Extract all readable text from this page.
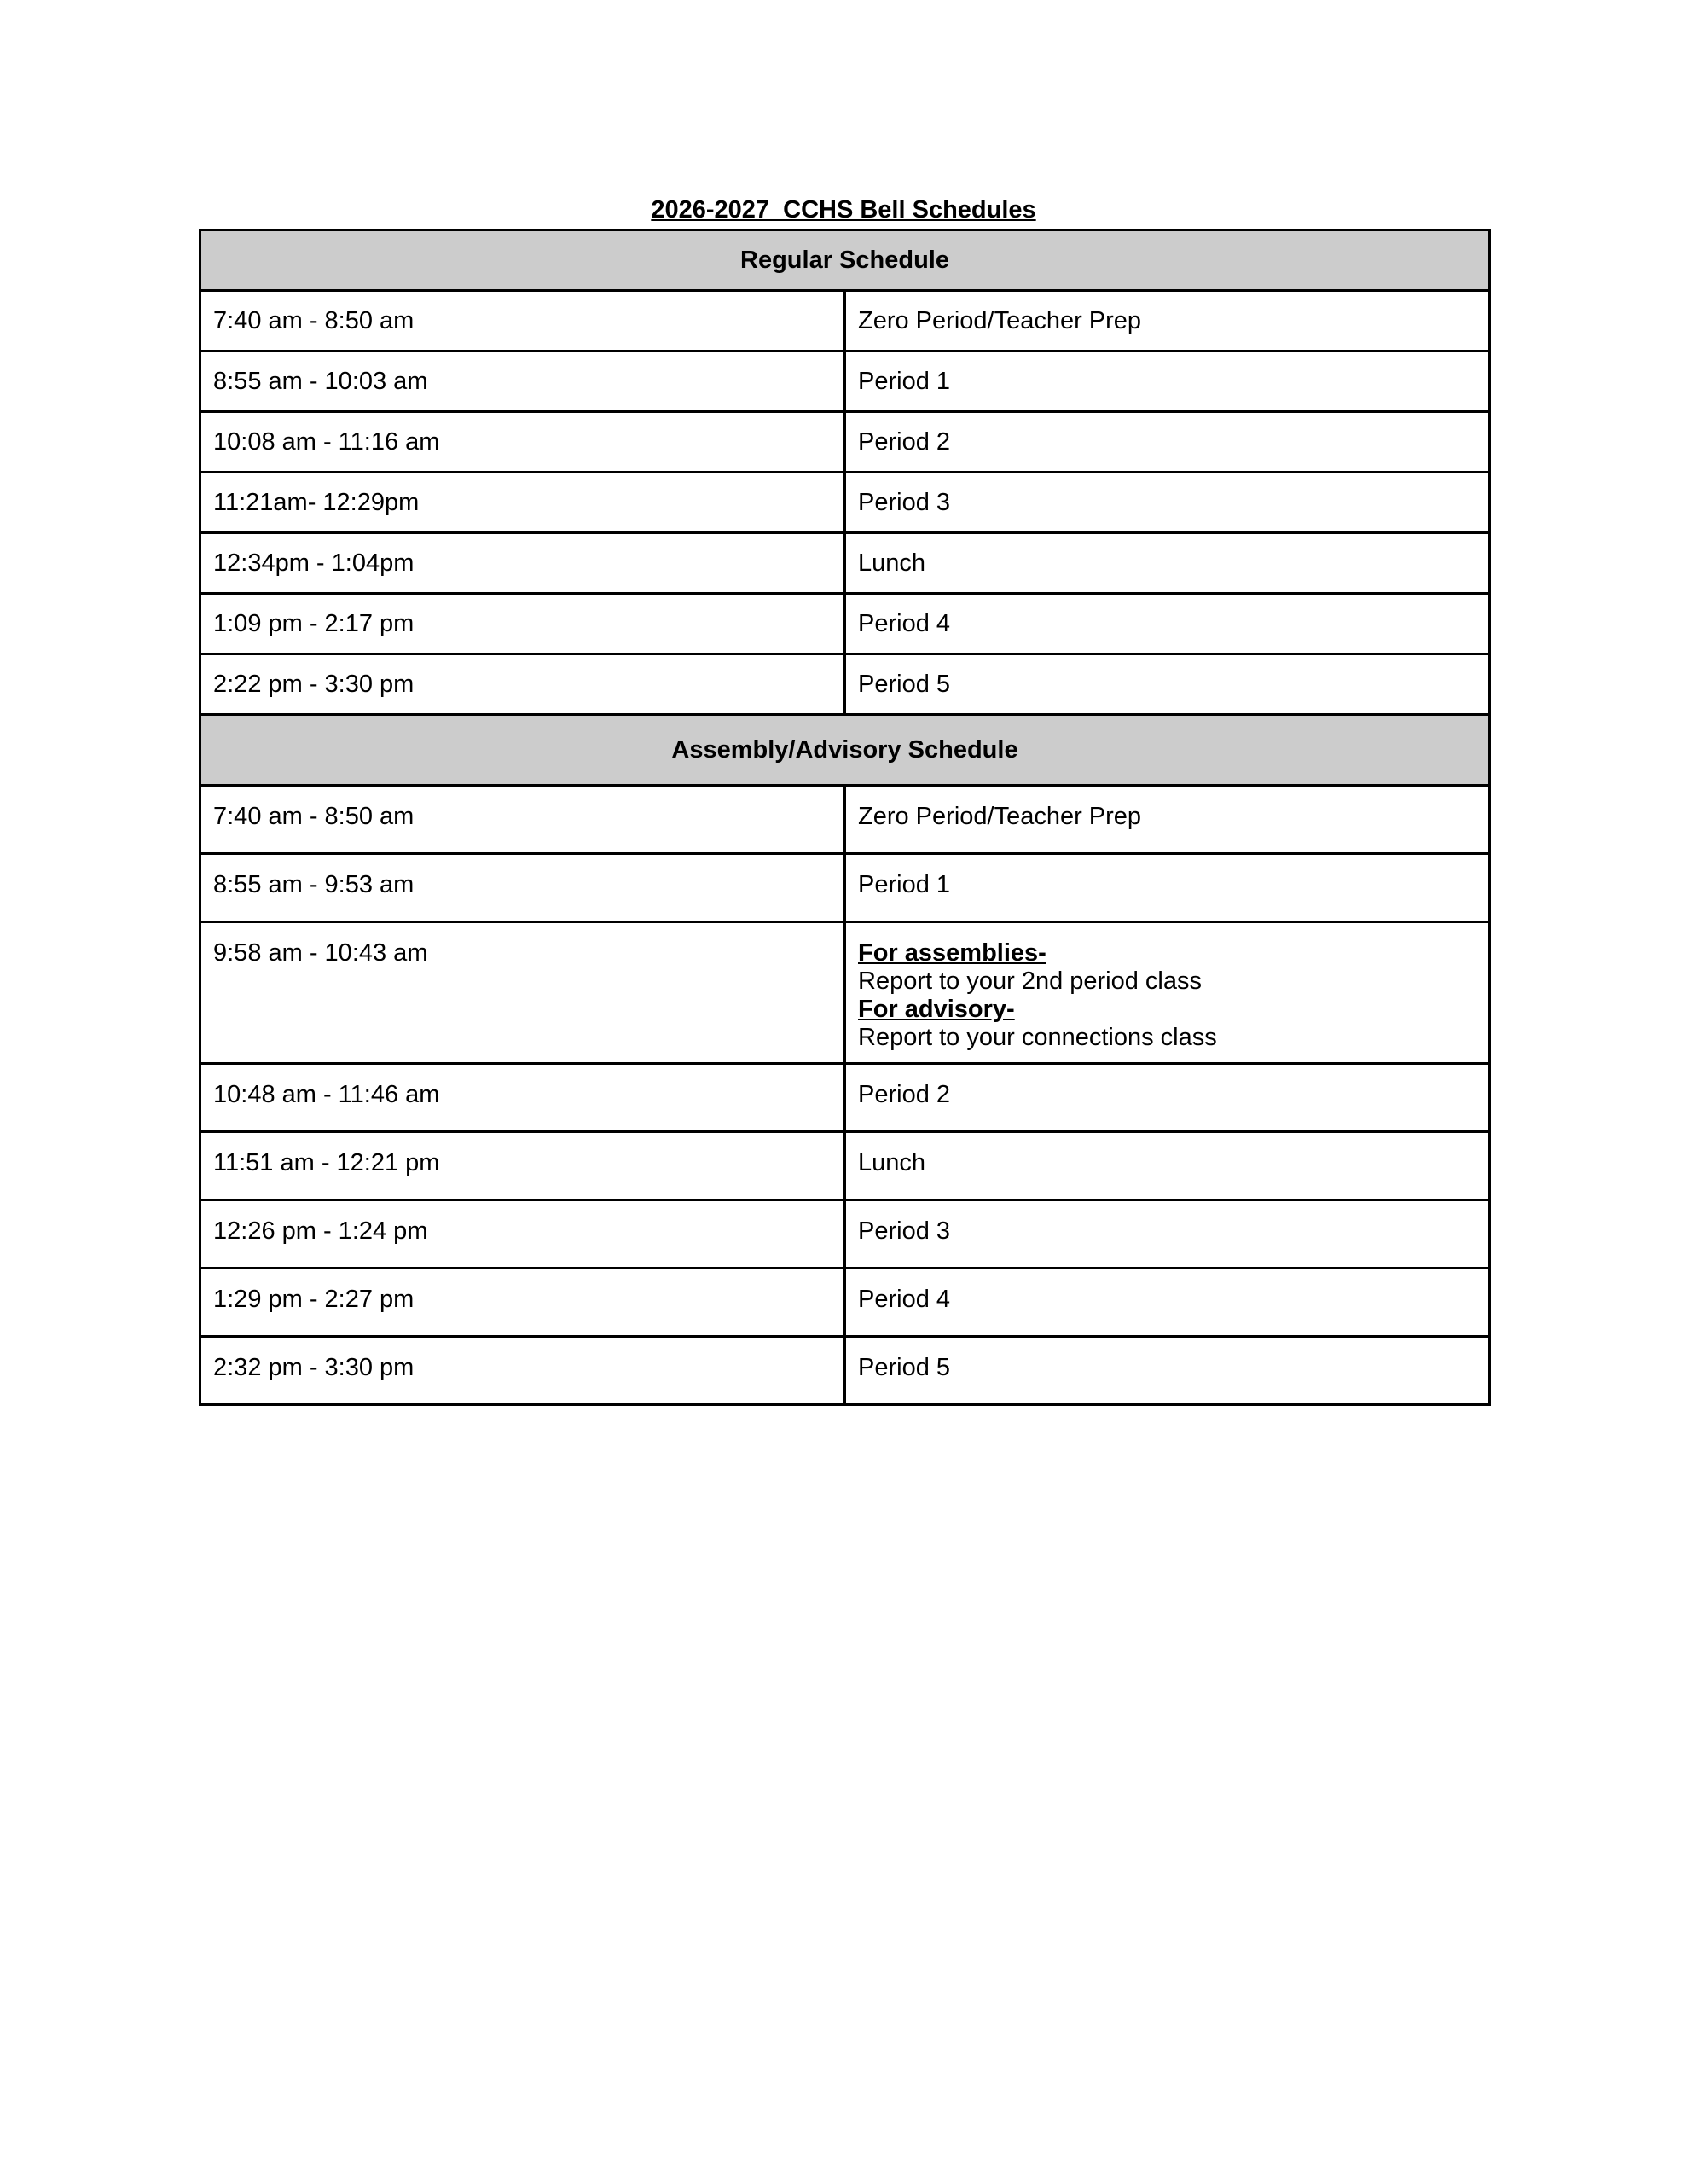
2026-2027  CCHS Bell Schedules
Regular Schedule	
7:40 am - 8:50 am	Zero Period/Teacher Prep
8:55 am - 10:03 am	Period 1
10:08 am - 11:16 am	Period 2
11:21am- 12:29pm	Period 3
12:34pm - 1:04pm	Lunch
1:09 pm - 2:17 pm	Period 4
2:22 pm - 3:30 pm	Period 5
Assembly/Advisory Schedule	
7:40 am - 8:50 am	Zero Period/Teacher Prep
8:55 am - 9:53 am	Period 1
9:58 am - 10:43 am	For assemblies-
Report to your 2nd period class
For advisory-
Report to your connections class

10:48 am - 11:46 am	Period 2
11:51 am - 12:21 pm	Lunch
12:26 pm - 1:24 pm	Period 3
1:29 pm - 2:27 pm	Period 4
2:32 pm - 3:30 pm	Period 5
